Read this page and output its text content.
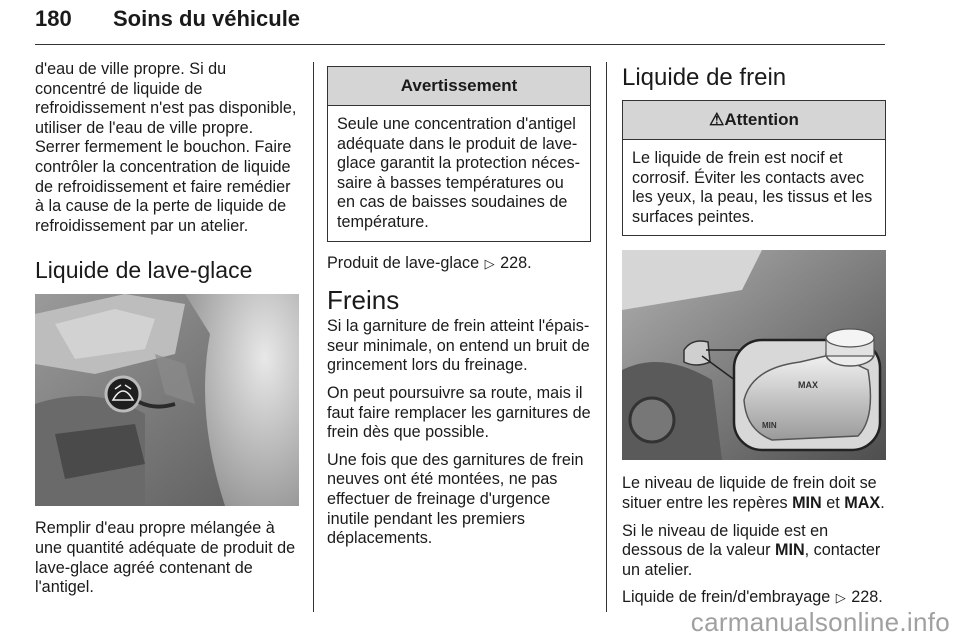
180 Soins du véhicule

d'eau de ville propre. Si du concentré de liquide de refroidissement n'est pas disponible, utiliser de l'eau de ville propre. Serrer fermement le bouchon. Faire contrôler la concentration de liquide de refroidissement et faire remédier à la cause de la perte de liquide de refroidissement par un atelier.

Liquide de lave-glace

Remplir d'eau propre mélangée à une quantité adéquate de produit de lave-glace agréé contenant de l'antigel.

Avertissement
Seule une concentration d'antigel adéquate dans le produit de lave-glace garantit la protection nécessaire à basses températures ou en cas de baisses soudaines de température.

Produit de lave-glace ▷ 228.

Freins

Si la garniture de frein atteint l'épaisseur minimale, on entend un bruit de grincement lors du freinage.

On peut poursuivre sa route, mais il faut faire remplacer les garnitures de frein dès que possible.

Une fois que des garnitures de frein neuves ont été montées, ne pas effectuer de freinage d'urgence inutile pendant les premiers déplacements.

Liquide de frein
⚠Attention
Le liquide de frein est nocif et corrosif. Éviter les contacts avec les yeux, la peau, les tissus et les surfaces peintes.
MAX
MIN

Le niveau de liquide de frein doit se situer entre les repères MIN et MAX.

Si le niveau de liquide est en dessous de la valeur MIN, contacter un atelier.

Liquide de frein/d'embrayage ▷ 228.

carmanualsonline.info
